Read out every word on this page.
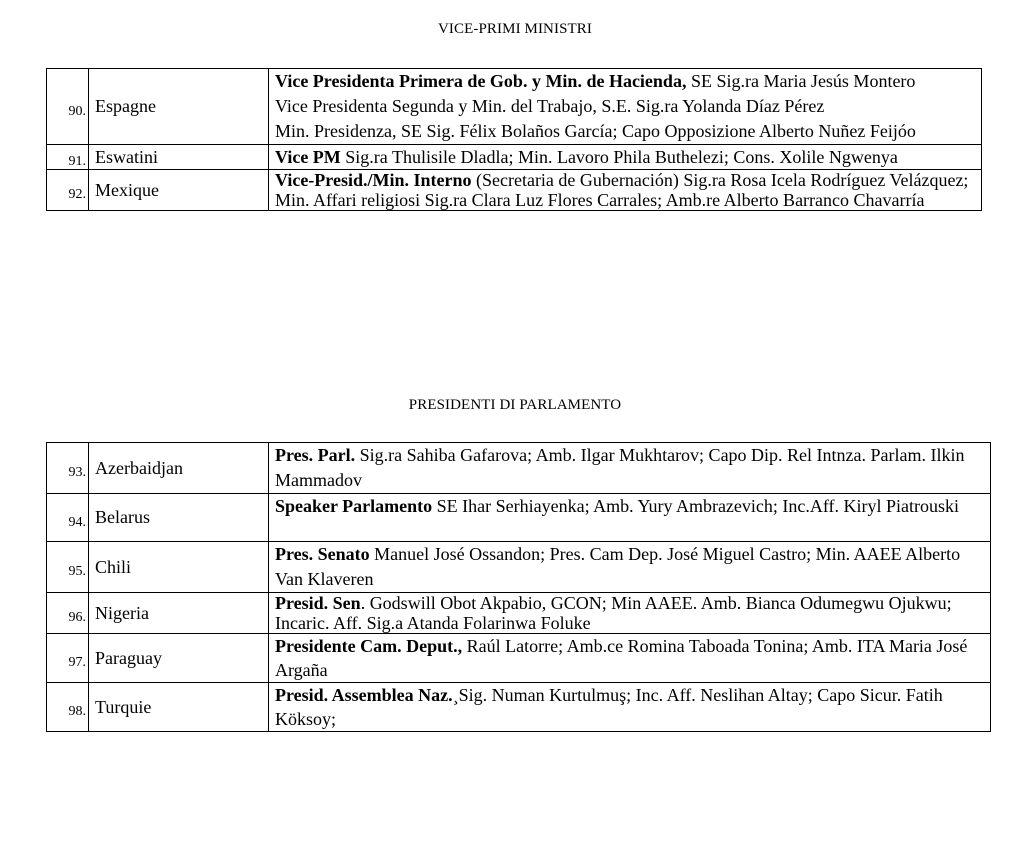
VICE-PRIMI MINISTRI
90.	Espagne	Vice Presidenta Primera de Gob. y Min. de Hacienda, SE Sig.ra Maria Jesús Montero
Vice Presidenta Segunda y Min. del Trabajo, S.E. Sig.ra Yolanda Díaz Pérez
Min. Presidenza, SE Sig. Félix Bolaños García; Capo Opposizione Alberto Nuñez Feijóo

91.	Eswatini	Vice PM Sig.ra Thulisile Dladla; Min. Lavoro Phila Buthelezi; Cons. Xolile Ngwenya

92.	Mexique	Vice-Presid./Min. Interno (Secretaria de Gubernación) Sig.ra Rosa Icela Rodríguez Velázquez; Min. Affari religiosi Sig.ra Clara Luz Flores Carrales; Amb.re Alberto Barranco Chavarría
PRESIDENTI DI PARLAMENTO
93.	Azerbaidjan	Pres. Parl. Sig.ra Sahiba Gafarova; Amb. Ilgar Mukhtarov; Capo Dip. Rel Intnza. Parlam. Ilkin Mammadov

94.	Belarus	Speaker Parlamento SE Ihar Serhiayenka; Amb. Yury Ambrazevich; Inc.Aff. Kiryl Piatrouski

95.	Chili	Pres. Senato Manuel José Ossandon; Pres. Cam Dep. José Miguel Castro; Min. AAEE Alberto Van Klaveren

96.	Nigeria	Presid. Sen. Godswill Obot Akpabio, GCON; Min AAEE. Amb. Bianca Odumegwu Ojukwu; Incaric. Aff. Sig.a Atanda Folarinwa Foluke

97.	Paraguay	Presidente Cam. Deput., Raúl Latorre; Amb.ce Romina Taboada Tonina; Amb. ITA Maria José Argaña

98.	Turquie	Presid. Assemblea Naz.¸Sig. Numan Kurtulmuş; Inc. Aff. Neslihan Altay; Capo Sicur. Fatih Köksoy;
